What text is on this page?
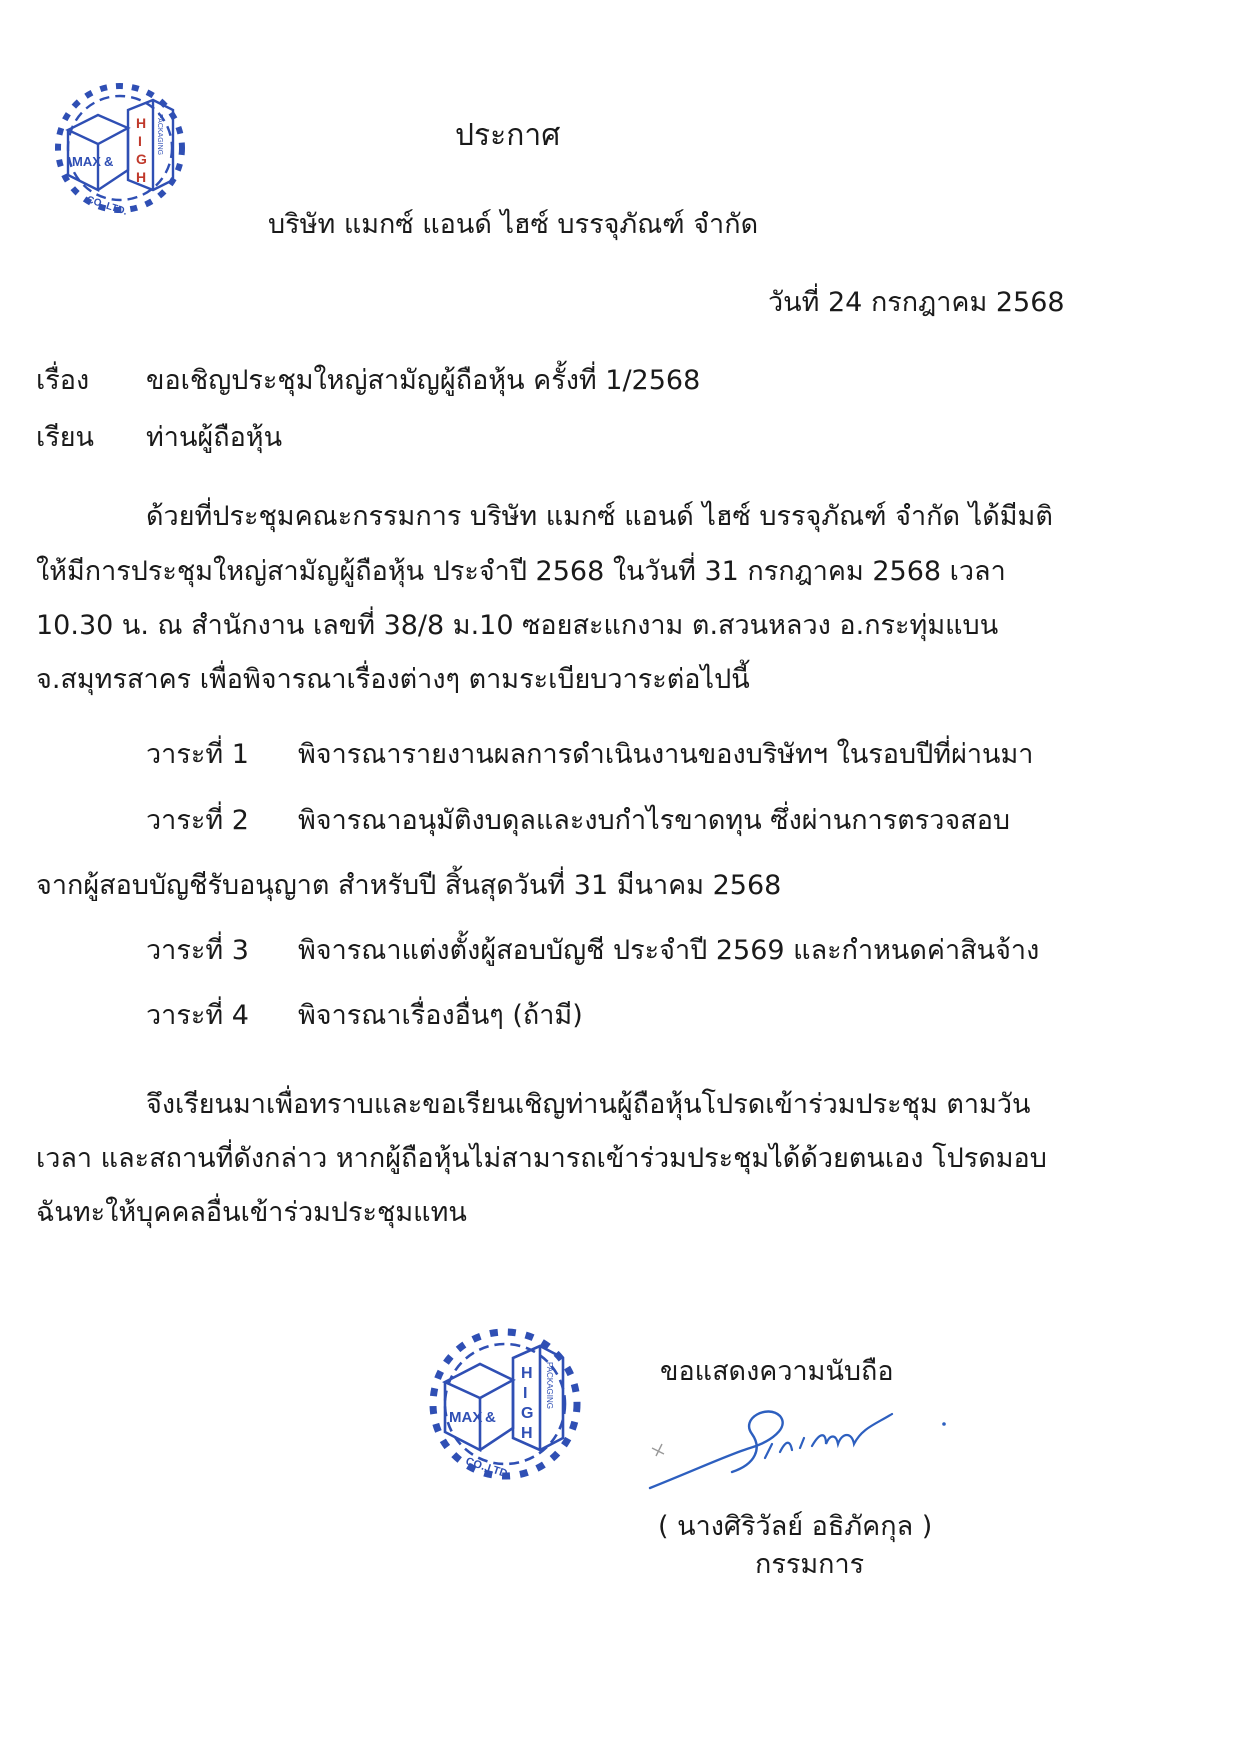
MAX &
H
I
G
H
PACKAGING
CO.,LTD.
ประกาศ
บริษัท แมกซ์ แอนด์ ไฮซ์ บรรจุภัณฑ์ จำกัด
วันที่ 24 กรกฎาคม 2568
เรื่อง ขอเชิญประชุมใหญ่สามัญผู้ถือหุ้น ครั้งที่ 1/2568
เรียน ท่านผู้ถือหุ้น
ด้วยที่ประชุมคณะกรรมการ บริษัท แมกซ์ แอนด์ ไฮซ์ บรรจุภัณฑ์ จำกัด ได้มีมติ
ให้มีการประชุมใหญ่สามัญผู้ถือหุ้น ประจำปี 2568 ในวันที่ 31 กรกฎาคม 2568 เวลา
10.30 น. ณ สำนักงาน เลขที่ 38/8 ม.10 ซอยสะแกงาม ต.สวนหลวง อ.กระทุ่มแบน
จ.สมุทรสาคร เพื่อพิจารณาเรื่องต่างๆ ตามระเบียบวาระต่อไปนี้
วาระที่ 1 พิจารณารายงานผลการดำเนินงานของบริษัทฯ ในรอบปีที่ผ่านมา
วาระที่ 2 พิจารณาอนุมัติงบดุลและงบกำไรขาดทุน ซึ่งผ่านการตรวจสอบ
จากผู้สอบบัญชีรับอนุญาต สำหรับปี สิ้นสุดวันที่ 31 มีนาคม 2568
วาระที่ 3 พิจารณาแต่งตั้งผู้สอบบัญชี ประจำปี 2569 และกำหนดค่าสินจ้าง
วาระที่ 4 พิจารณาเรื่องอื่นๆ (ถ้ามี)
จึงเรียนมาเพื่อทราบและขอเรียนเชิญท่านผู้ถือหุ้นโปรดเข้าร่วมประชุม ตามวัน
เวลา และสถานที่ดังกล่าว หากผู้ถือหุ้นไม่สามารถเข้าร่วมประชุมได้ด้วยตนเอง โปรดมอบ
ฉันทะให้บุคคลอื่นเข้าร่วมประชุมแทน
MAX &
H
I
G
H
PACKAGING
CO.,LTD.
ขอแสดงความนับถือ
( นางศิริวัลย์ อธิภัคกุล )
กรรมการ
